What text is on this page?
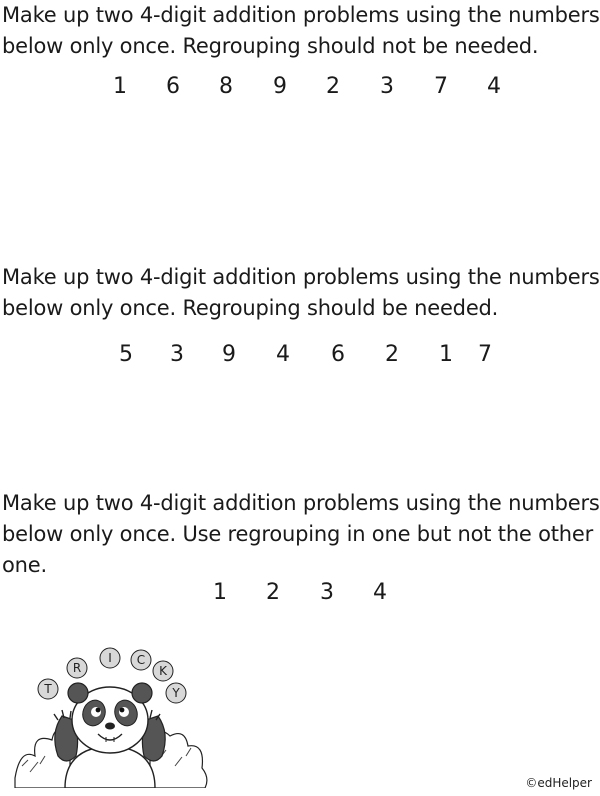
Make up two 4-digit addition problems using the numbers below only once. Regrouping should not be needed.

1 6 8 9 2 3 7 4

Make up two 4-digit addition problems using the numbers below only once. Regrouping should be needed.

5 3 9 4 6 2 1 7

Make up two 4-digit addition problems using the numbers below only once. Use regrouping in one but not the other one.

1 2 3 4
T
R
I C
K
Y
©edHelper
